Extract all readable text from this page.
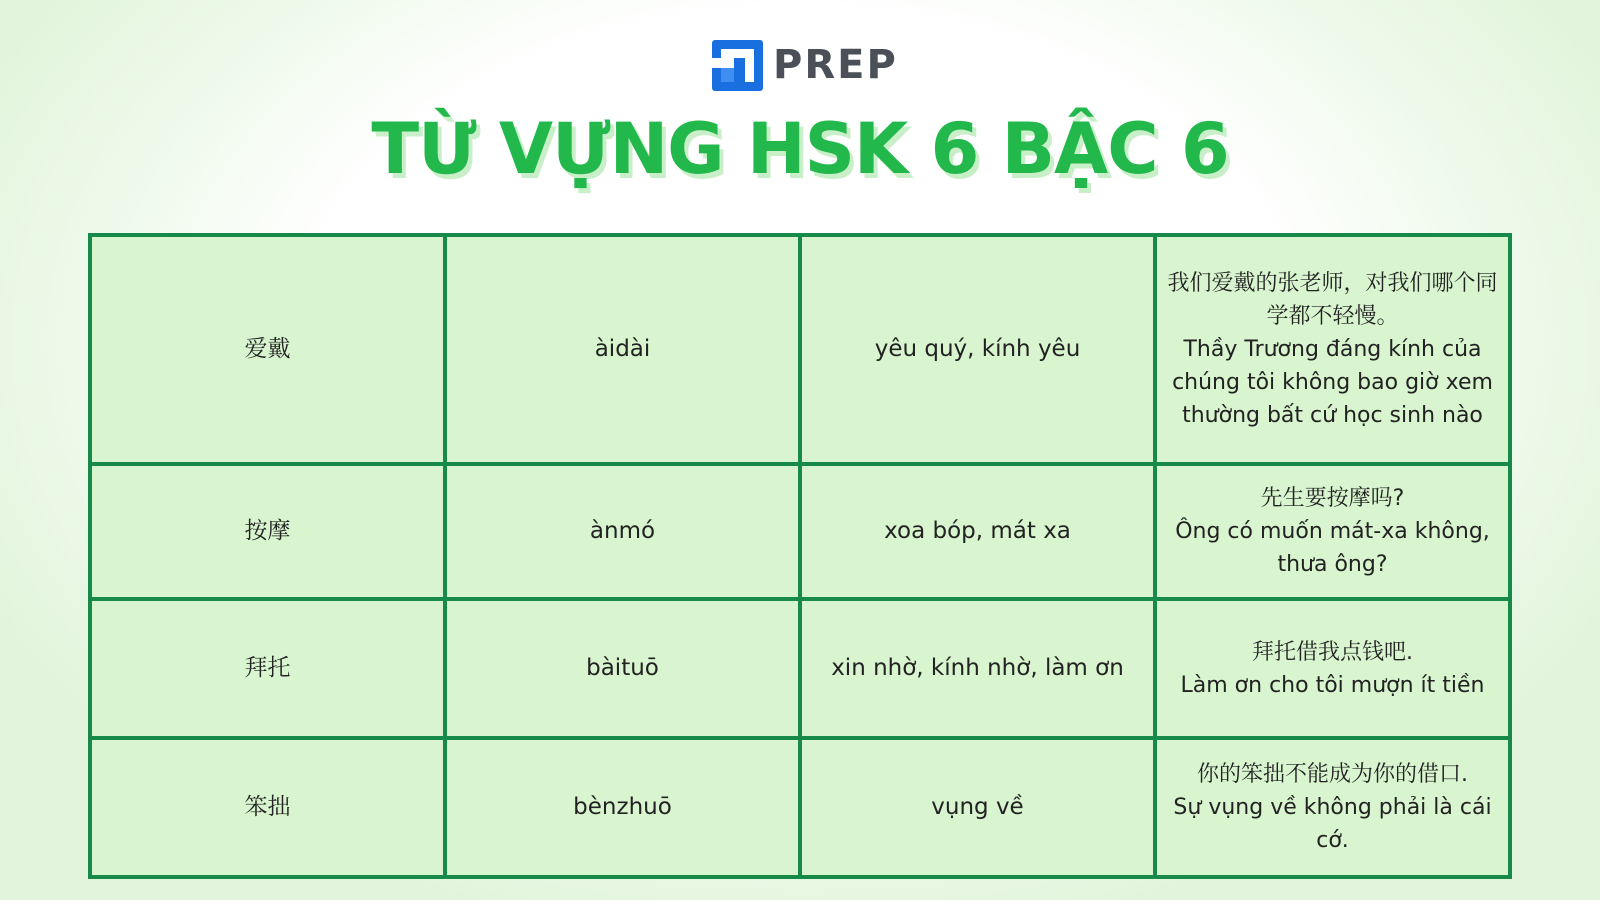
PREP
TỪ VỰNG HSK 6 BẬC 6
爱戴	àidài	yêu quý, kính yêu	我们爱戴的张老师，对我们哪个同学都不轻慢。
Thầy Trương đáng kính của chúng tôi không bao giờ xem thường bất cứ học sinh nào

按摩	ànmó	xoa bóp, mát xa	先生要按摩吗?
Ông có muốn mát-xa không, thưa ông?

拜托	bàituō	xin nhờ, kính nhờ, làm ơn	拜托借我点钱吧.
Làm ơn cho tôi mượn ít tiền

笨拙	bènzhuō	vụng về	你的笨拙不能成为你的借口.
Sự vụng về không phải là cái cớ.
